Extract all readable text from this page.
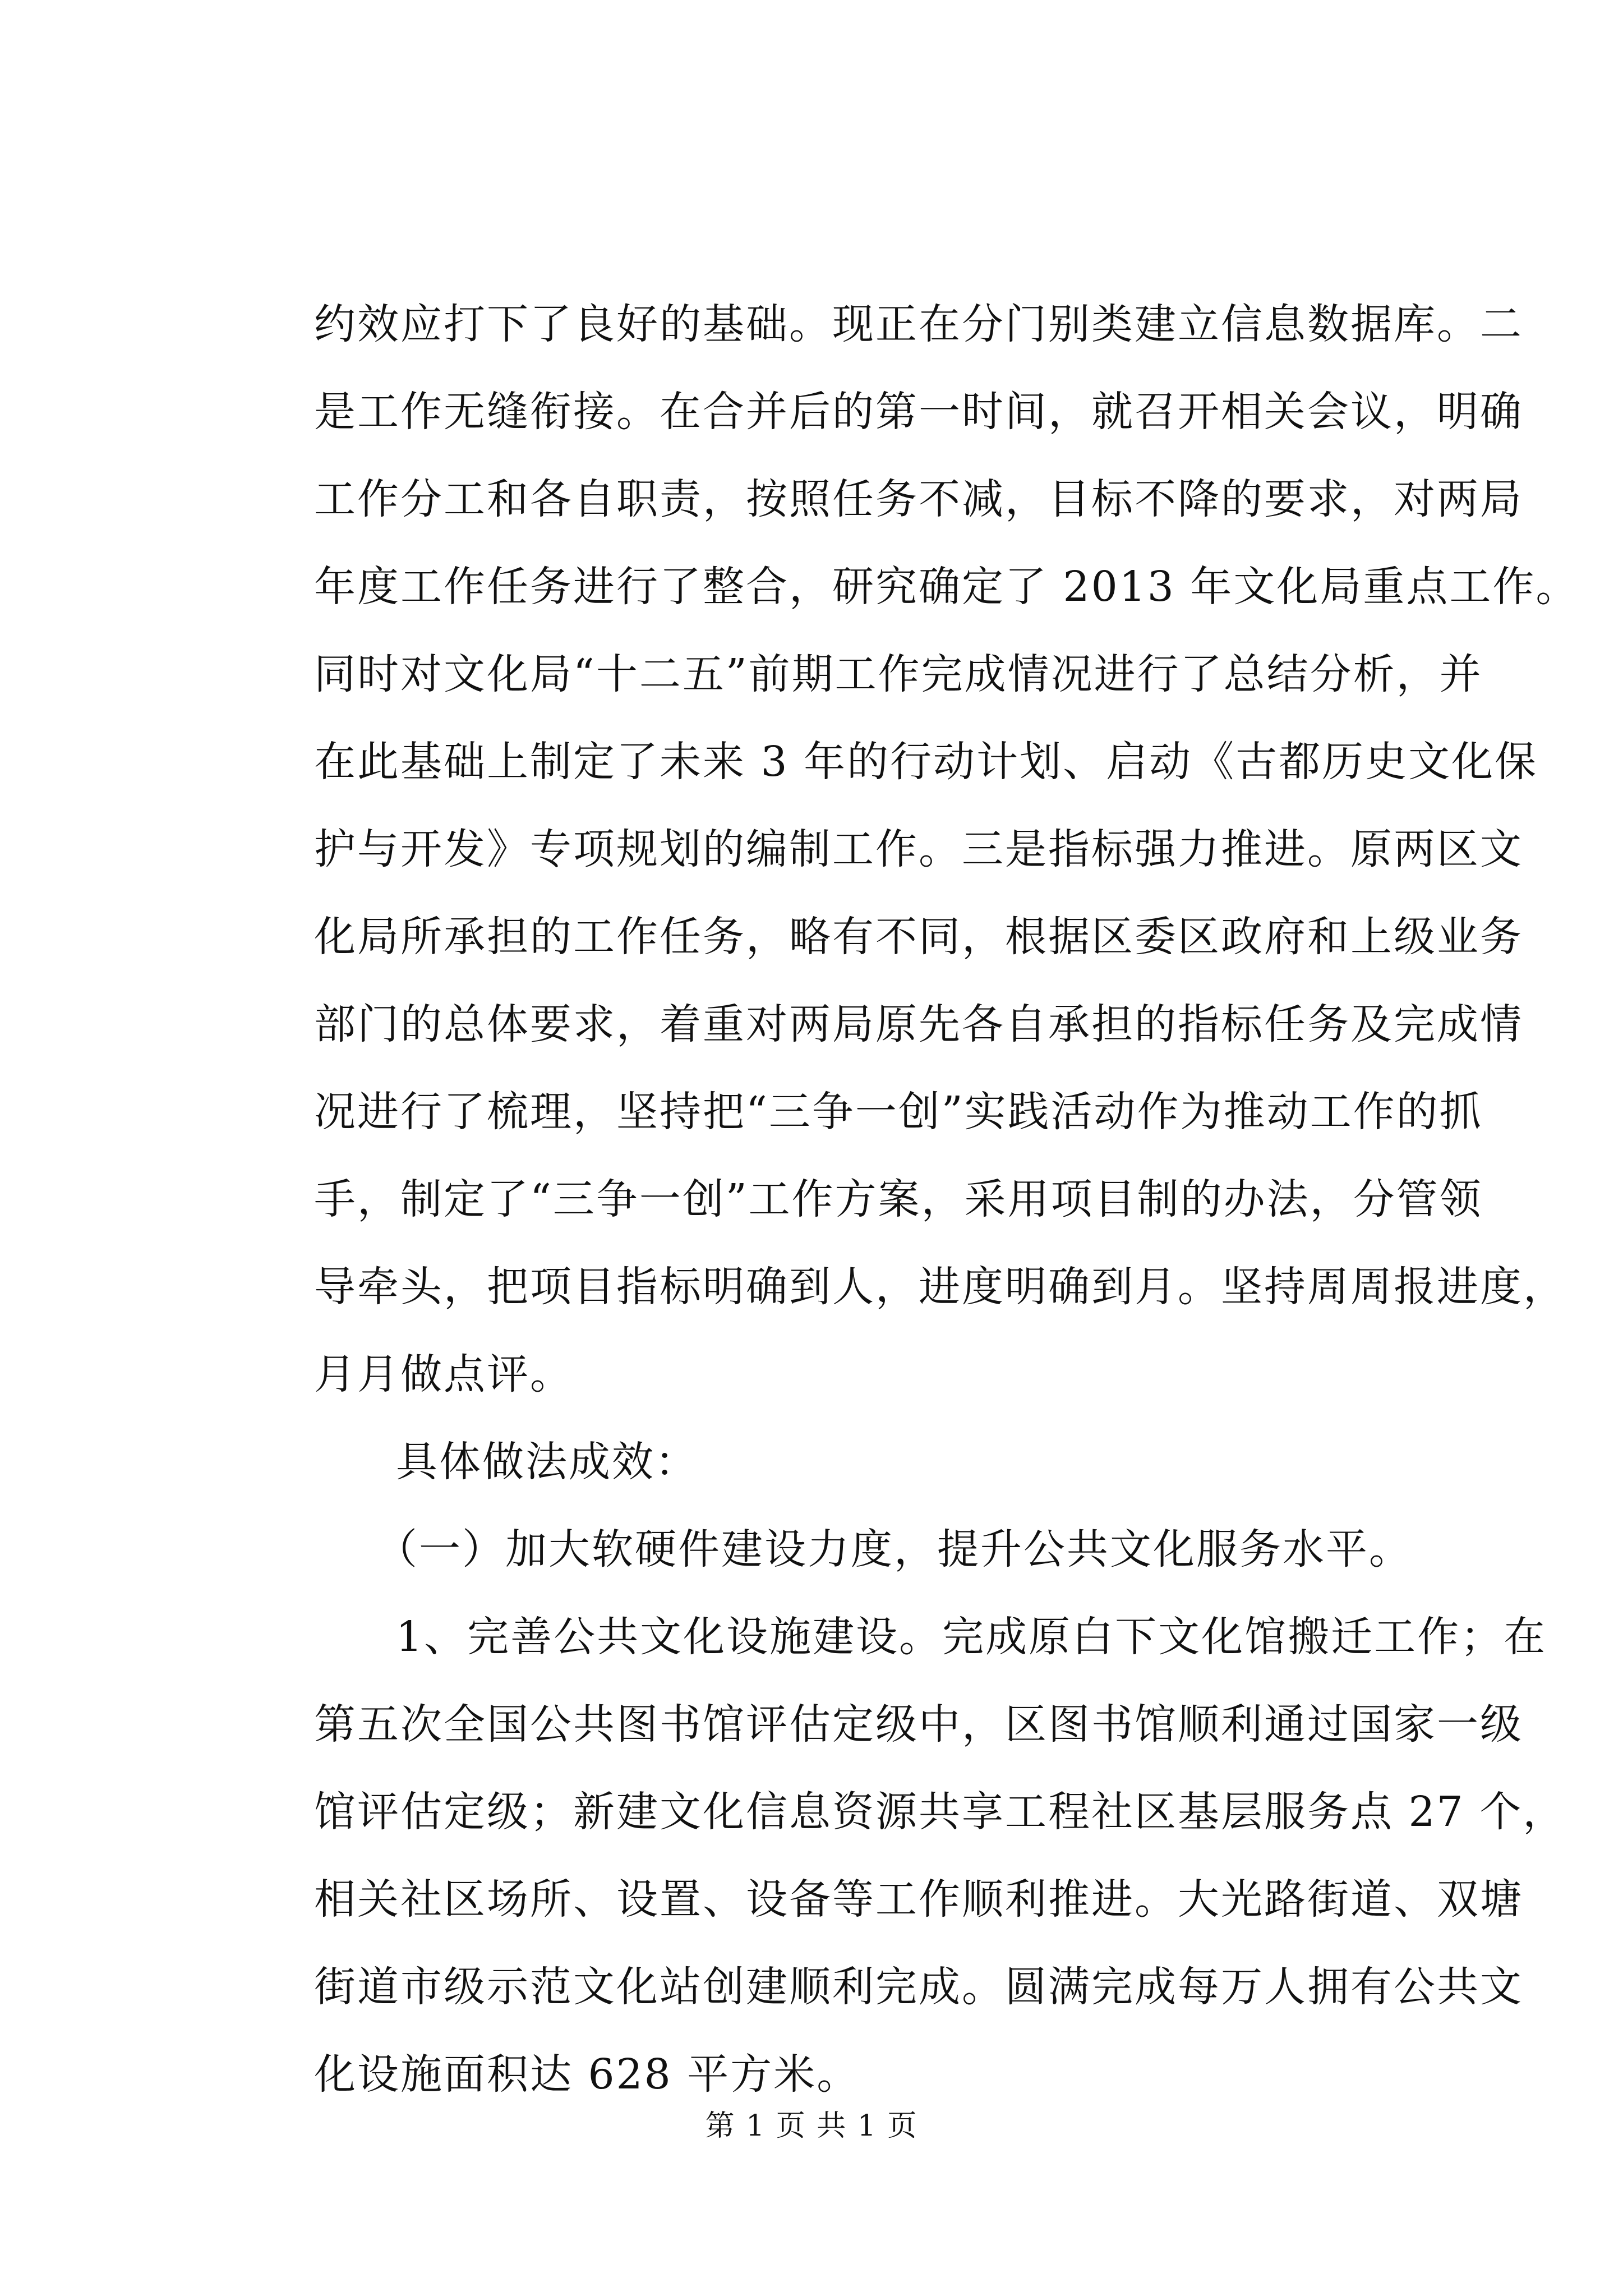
约效应打下了良好的基础。现正在分门别类建立信息数据库。二
是工作无缝衔接。在合并后的第一时间，就召开相关会议，明确
工作分工和各自职责，按照任务不减，目标不降的要求，对两局
年度工作任务进行了整合，研究确定了 2013 年文化局重点工作。
同时对文化局“十二五”前期工作完成情况进行了总结分析，并
在此基础上制定了未来 3 年的行动计划、启动《古都历史文化保
护与开发》专项规划的编制工作。三是指标强力推进。原两区文
化局所承担的工作任务，略有不同，根据区委区政府和上级业务
部门的总体要求，着重对两局原先各自承担的指标任务及完成情
况进行了梳理，坚持把“三争一创”实践活动作为推动工作的抓
手，制定了“三争一创”工作方案，采用项目制的办法，分管领
导牵头，把项目指标明确到人，进度明确到月。坚持周周报进度，
月月做点评。
具体做法成效：
（一）加大软硬件建设力度，提升公共文化服务水平。
1、完善公共文化设施建设。完成原白下文化馆搬迁工作；在
第五次全国公共图书馆评估定级中，区图书馆顺利通过国家一级
馆评估定级；新建文化信息资源共享工程社区基层服务点 27 个，
相关社区场所、设置、设备等工作顺利推进。大光路街道、双塘
街道市级示范文化站创建顺利完成。圆满完成每万人拥有公共文
化设施面积达 628 平方米。
第 1 页 共 1 页
